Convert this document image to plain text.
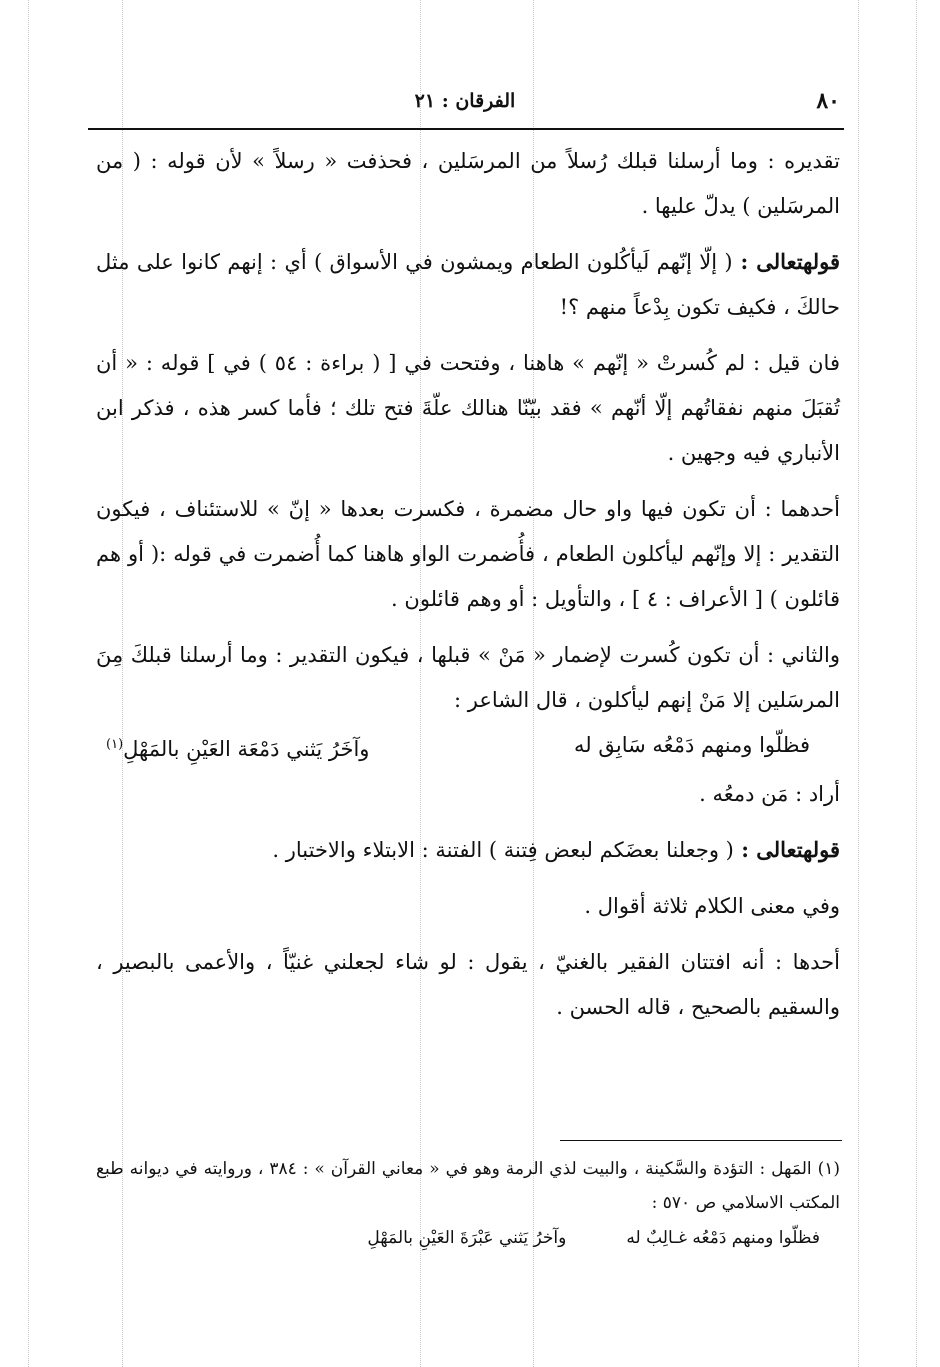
٨٠
الفرقان : ٢١

تقديره : وما أرسلنا قبلك رُسلاً من المرسَلين ، فحذفت « رسلاً » لأن قوله : ( من المرسَلين ) يدلّ عليها .

قولهتعالى : ( إلّا إنّهم لَيأكُلون الطعام ويمشون في الأسواق ) أي : إنهم كانوا على مثل حالكَ ، فكيف تكون بِدْعاً منهم ؟!

فان قيل : لم كُسرتْ « إنّهم » هاهنا ، وفتحت في [ ( براءة : ٥٤ ) في ] قوله : « أن تُقبَلَ منهم نفقاتُهم إلّا أنّهم » فقد بيّنّا هنالك علّةَ فتح تلك ؛ فأما كسر هذه ، فذكر ابن الأنباري فيه وجهين .

أحدهما : أن تكون فيها واو حال مضمرة ، فكسرت بعدها « إنّ » للاستئناف ، فيكون التقدير : إلا وإنّهم ليأكلون الطعام ، فأُضمرت الواو هاهنا كما أُضمرت في قوله :( أو هم قائلون ) [ الأعراف : ٤ ] ، والتأويل : أو وهم قائلون .

والثاني : أن تكون كُسرت لإضمار « مَنْ » قبلها ، فيكون التقدير : وما أرسلنا قبلكَ مِنَ المرسَلين إلا مَنْ إنهم ليأكلون ، قال الشاعر :

فظلّوا ومنهم دَمْعُه سَابِق له
وآخَرُ يَثني دَمْعَة العَيْنِ بالمَهْلِ$^{(١)}$

أراد : مَن دمعُه .

قولهتعالى : ( وجعلنا بعضَكم لبعض فِتنة ) الفتنة : الابتلاء والاختبار .

وفي معنى الكلام ثلاثة أقوال .

أحدها : أنه افتتان الفقير بالغنيّ ، يقول : لو شاء لجعلني غنيّاً ، والأعمى بالبصير ، والسقيم بالصحيح ، قاله الحسن .

(١) المَهل : التؤدة والسَّكينة ، والبيت لذي الرمة وهو في « معاني القرآن » : ٣٨٤ ، وروايته في ديوانه طبع المكتب الاسلامي ص ٥٧٠ :

فظلّوا ومنهم دَمْعُه غـالِبٌ له
وآخرُ يَثني عَبْرَةَ العَيْنِ بالمَهْلِ
